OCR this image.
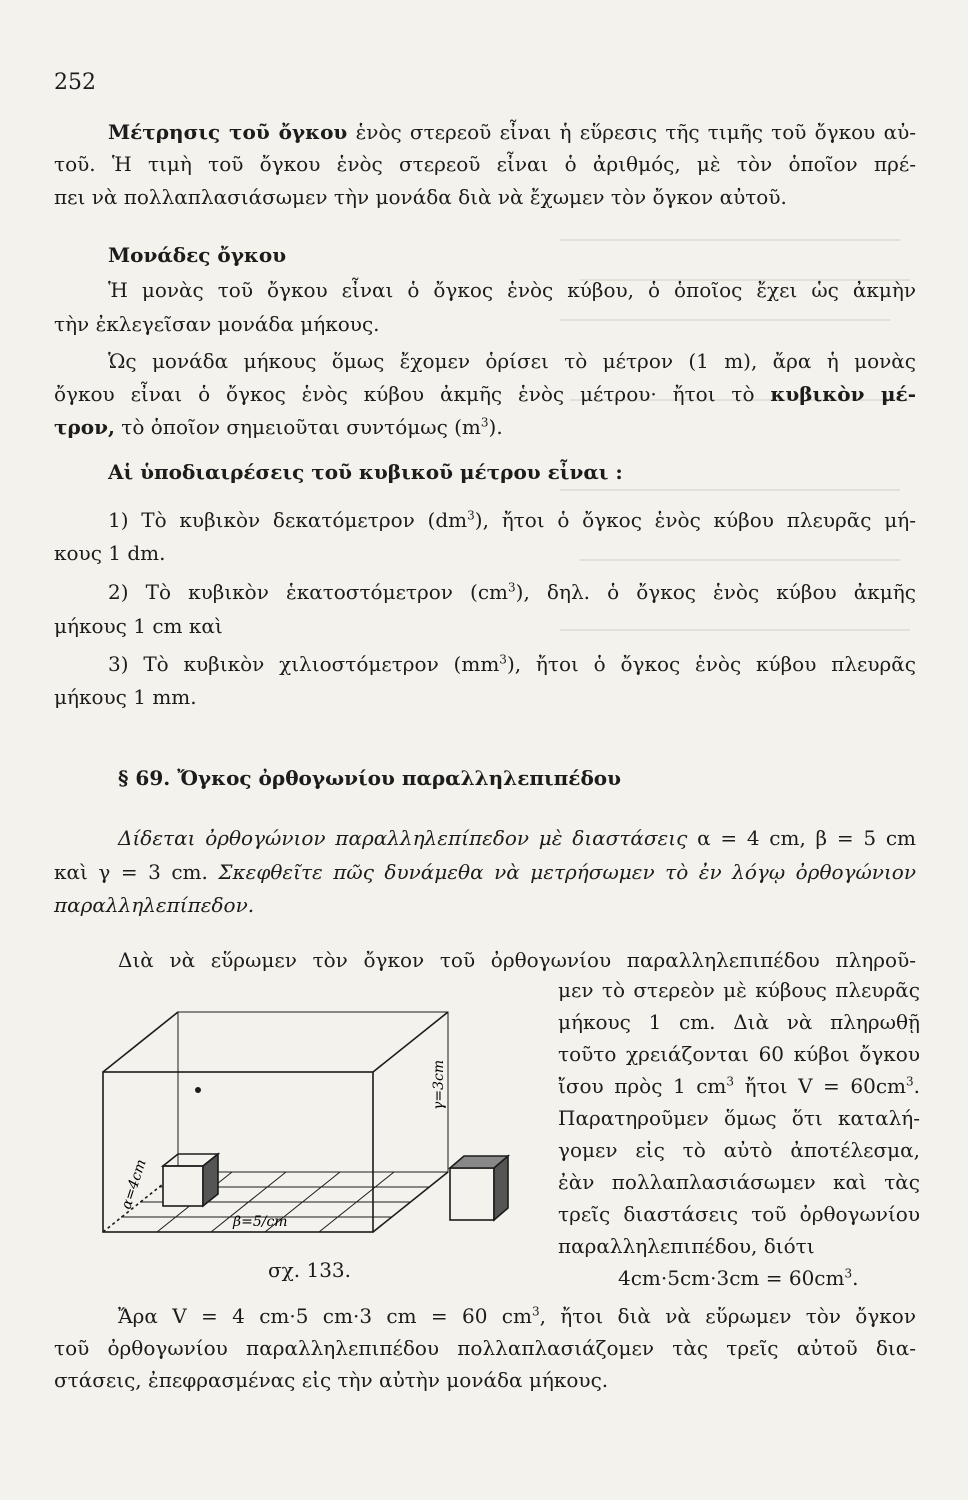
252
Μέτρησις τοῦ ὄγκου ἑνὸς στερεοῦ εἶναι ἡ εὕρεσις τῆς τιμῆς τοῦ ὄγκου αὐ-
τοῦ. Ἡ τιμὴ τοῦ ὄγκου ἑνὸς στερεοῦ εἶναι ὁ ἀριθμός, μὲ τὸν ὁποῖον πρέ-
πει νὰ πολλαπλασιάσωμεν τὴν μονάδα διὰ νὰ ἔχωμεν τὸν ὄγκον αὐτοῦ.
Μονάδες ὄγκου
Ἡ μονὰς τοῦ ὄγκου εἶναι ὁ ὄγκος ἑνὸς κύβου, ὁ ὁποῖος ἔχει ὡς ἀκμὴν
τὴν ἐκλεγεῖσαν μονάδα μήκους.
Ὡς μονάδα μήκους ὅμως ἔχομεν ὁρίσει τὸ μέτρον (1 m), ἄρα ἡ μονὰς
ὄγκου εἶναι ὁ ὄγκος ἑνὸς κύβου ἀκμῆς ἑνὸς μέτρου· ἤτοι τὸ κυβικὸν μέ-
τρον, τὸ ὁποῖον σημειοῦται συντόμως $(m^3)$.
Αἱ ὑποδιαιρέσεις τοῦ κυβικοῦ μέτρου εἶναι :
1) Τὸ κυβικὸν δεκατόμετρον $(dm^3)$, ἤτοι ὁ ὄγκος ἑνὸς κύβου πλευρᾶς μή-
κους 1 dm.
2) Τὸ κυβικὸν ἑκατοστόμετρον $(cm^3)$, δηλ. ὁ ὄγκος ἑνὸς κύβου ἀκμῆς
μήκους 1 cm καὶ
3) Τὸ κυβικὸν χιλιοστόμετρον $(mm^3)$, ἤτοι ὁ ὄγκος ἑνὸς κύβου πλευρᾶς
μήκους 1 mm.
§ 69. Ὄγκος ὀρθογωνίου παραλληλεπιπέδου
Δίδεται ὀρθογώνιον παραλληλεπίπεδον μὲ διαστάσεις α = 4 cm, β = 5 cm
καὶ γ = 3 cm. Σκεφθεῖτε πῶς δυνάμεθα νὰ μετρήσωμεν τὸ ἐν λόγῳ ὀρθογώνιον
παραλληλεπίπεδον.
Διὰ νὰ εὕρωμεν τὸν ὄγκον τοῦ ὀρθογωνίου παραλληλεπιπέδου πληροῦ-
μεν τὸ στερεὸν μὲ κύβους πλευρᾶς
μήκους 1 cm. Διὰ νὰ πληρωθῇ
τοῦτο χρειάζονται 60 κύβοι ὄγκου
ἴσου πρὸς 1 $cm^3$ ἤτοι $V = 60cm^3$.
Παρατηροῦμεν ὅμως ὅτι καταλή-
γομεν εἰς τὸ αὐτὸ ἀποτέλεσμα,
ἐὰν πολλαπλασιάσωμεν καὶ τὰς
τρεῖς διαστάσεις τοῦ ὀρθογωνίου
παραλληλεπιπέδου, διότι
$4cm\cdot 5cm\cdot 3cm = 60cm^3$.
α=4cm
β=5/cm
γ=3cm
σχ. 133.
Ἄρα V = 4 cm·5 cm·3 cm = 60 $cm^3$, ἤτοι διὰ νὰ εὕρωμεν τὸν ὄγκον
τοῦ ὀρθογωνίου παραλληλεπιπέδου πολλαπλασιάζομεν τὰς τρεῖς αὐτοῦ δια-
στάσεις, ἐπεφρασμένας εἰς τὴν αὐτὴν μονάδα μήκους.
